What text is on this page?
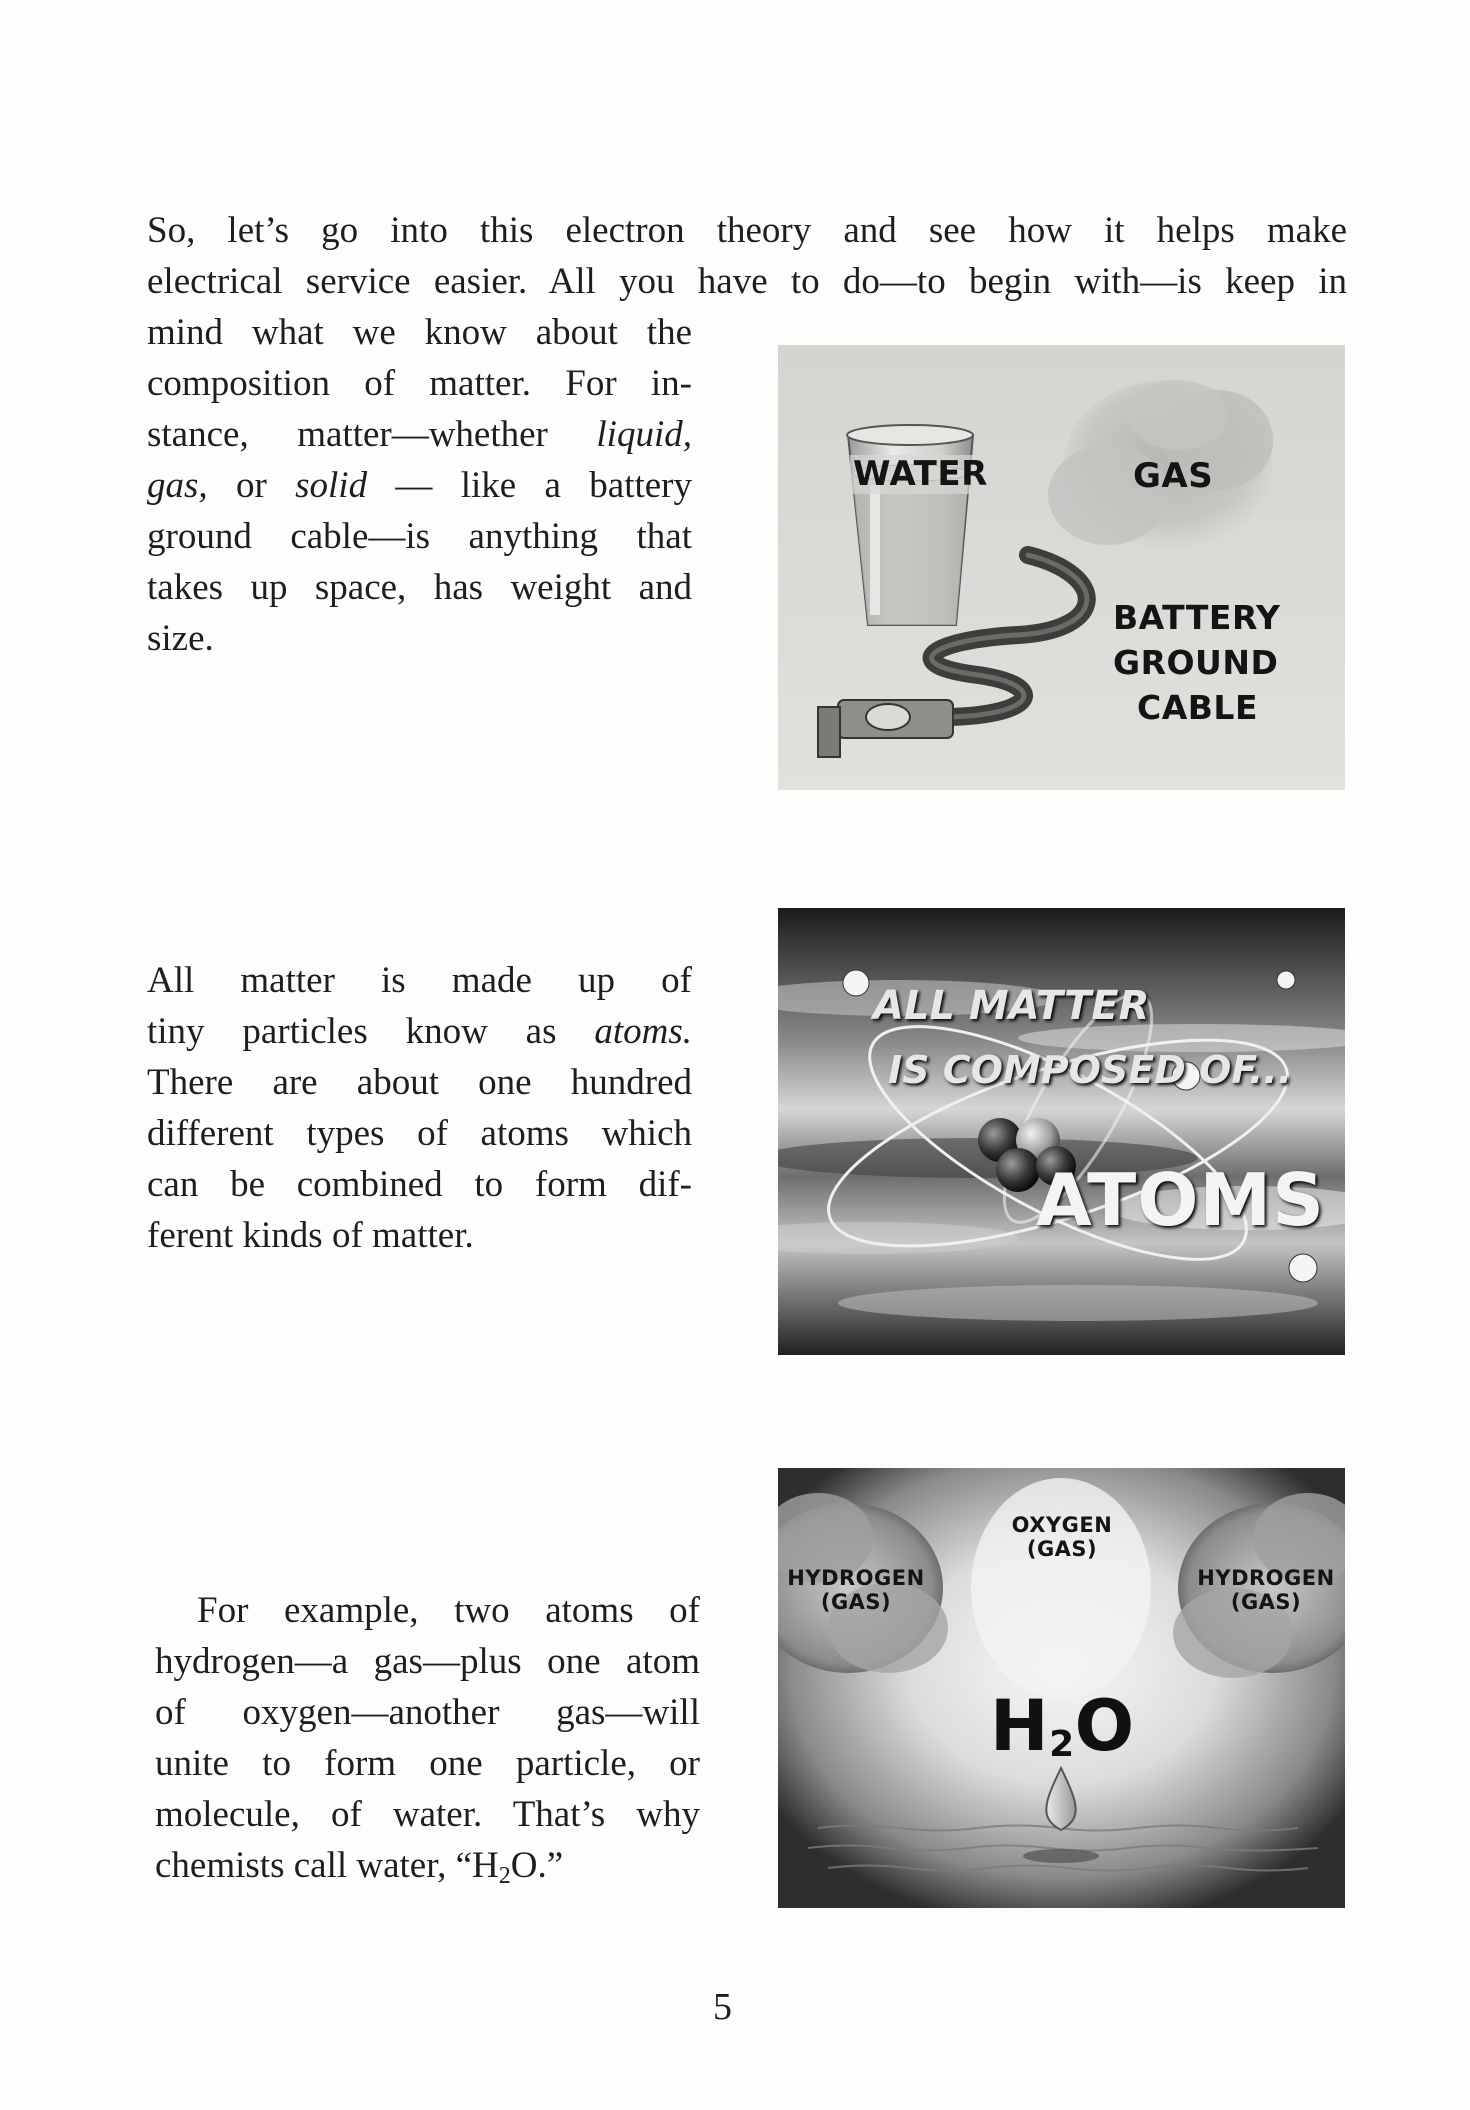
So, let’s go into this electron theory and see how it helps make
electrical service easier. All you have to do—to begin with—is keep in

mind what we know about the
composition of matter. For in-
stance, matter—whether liquid,
gas, or solid — like a battery
ground cable—is anything that
takes up space, has weight and
size.

WATER	GAS
BATTERY
GROUND
CABLE

All matter is made up of
tiny particles know as atoms.
There are about one hundred
different types of atoms which
can be combined to form dif-
ferent kinds of matter.

ALL MATTER
IS COMPOSED OF...
ATOMS

For example, two atoms of
hydrogen—a gas—plus one atom
of oxygen—another gas—will
unite to form one particle, or
molecule, of water. That’s why
chemists call water, “$H_2O$.”

OXYGEN
(GAS)
HYDROGEN
(GAS)
HYDROGEN
(GAS)
$H_2O$
5
